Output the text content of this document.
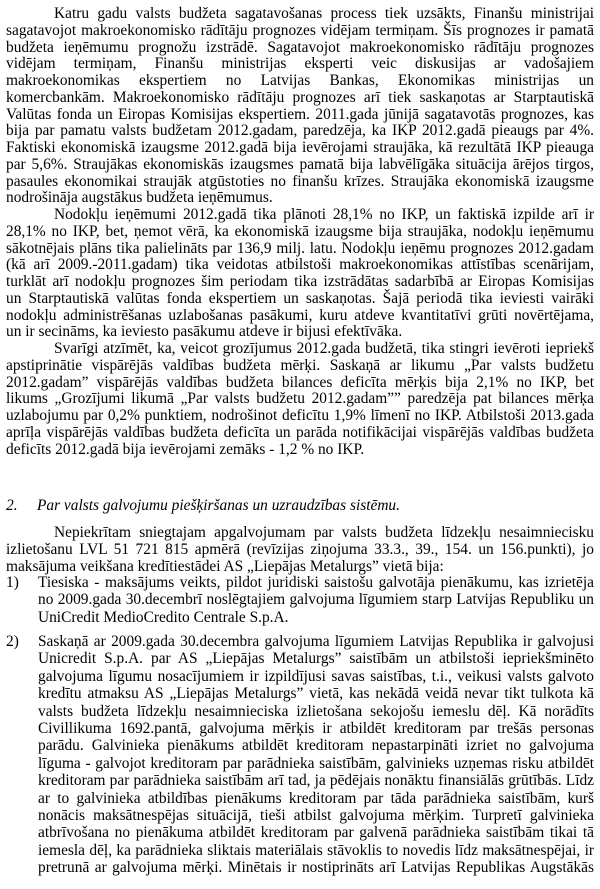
Katru gadu valsts budžeta sagatavošanas process tiek uzsākts, Finanšu ministrijai
sagatavojot makroekonomisko rādītāju prognozes vidējam termiņam. Šīs prognozes ir pamatā
budžeta ieņēmumu prognožu izstrādē. Sagatavojot makroekonomisko rādītāju prognozes
vidējam termiņam, Finanšu ministrijas eksperti veic diskusijas ar vadošajiem
makroekonomikas ekspertiem no Latvijas Bankas, Ekonomikas ministrijas un
komercbankām. Makroekonomisko rādītāju prognozes arī tiek saskaņotas ar Starptautiskā
Valūtas fonda un Eiropas Komisijas ekspertiem. 2011.gada jūnijā sagatavotās prognozes, kas
bija par pamatu valsts budžetam 2012.gadam, paredzēja, ka IKP 2012.gadā pieaugs par 4%.
Faktiski ekonomiskā izaugsme 2012.gadā bija ievērojami straujāka, kā rezultātā IKP pieauga
par 5,6%. Straujākas ekonomiskās izaugsmes pamatā bija labvēlīgāka situācija ārējos tirgos,
pasaules ekonomikai straujāk atgūstoties no finanšu krīzes. Straujāka ekonomiskā izaugsme
nodrošināja augstākus budžeta ieņēmumus.
Nodokļu ieņēmumi 2012.gadā tika plānoti 28,1% no IKP, un faktiskā izpilde arī ir
28,1% no IKP, bet, ņemot vērā, ka ekonomiskā izaugsme bija straujāka, nodokļu ieņēmumu
sākotnējais plāns tika palielināts par 136,9 milj. latu. Nodokļu ieņēmu prognozes 2012.gadam
(kā arī 2009.-2011.gadam) tika veidotas atbilstoši makroekonomikas attīstības scenārijam,
turklāt arī nodokļu prognozes šim periodam tika izstrādātas sadarbībā ar Eiropas Komisijas
un Starptautiskā valūtas fonda ekspertiem un saskaņotas. Šajā periodā tika ieviesti vairāki
nodokļu administrēšanas uzlabošanas pasākumi, kuru atdeve kvantitatīvi grūti novērtējama,
un ir secināms, ka ieviesto pasākumu atdeve ir bijusi efektīvāka.
Svarīgi atzīmēt, ka, veicot grozījumus 2012.gada budžetā, tika stingri ievēroti iepriekš
apstiprinātie vispārējās valdības budžeta mērķi. Saskaņā ar likumu „Par valsts budžetu
2012.gadam” vispārējās valdības budžeta bilances deficīta mērķis bija 2,1% no IKP, bet
likums „Grozījumi likumā „Par valsts budžetu 2012.gadam”” paredzēja pat bilances mērķa
uzlabojumu par 0,2% punktiem, nodrošinot deficītu 1,9% līmenī no IKP. Atbilstoši 2013.gada
aprīļa vispārējās valdības budžeta deficīta un parāda notifikācijai vispārējās valdības budžeta
deficīts 2012.gadā bija ievērojami zemāks - 1,2 % no IKP.
2. Par valsts galvojumu piešķiršanas un uzraudzības sistēmu.
Nepiekrītam sniegtajam apgalvojumam par valsts budžeta līdzekļu nesaimniecisku
izlietošanu LVL 51 721 815 apmērā (revīzijas ziņojuma 33.3., 39., 154. un 156.punkti), jo
maksājuma veikšana kredītiestādei AS „Liepājas Metalurgs” vietā bija:
1) Tiesiska - maksājums veikts, pildot juridiski saistošu galvotāja pienākumu, kas izrietēja
no 2009.gada 30.decembrī noslēgtajiem galvojuma līgumiem starp Latvijas Republiku un
UniCredit MedioCredito Centrale S.p.A.
2) Saskaņā ar 2009.gada 30.decembra galvojuma līgumiem Latvijas Republika ir galvojusi
Unicredit S.p.A. par AS „Liepājas Metalurgs” saistībām un atbilstoši iepriekšminēto
galvojuma līgumu nosacījumiem ir izpildījusi savas saistības, t.i., veikusi valsts galvoto
kredītu atmaksu AS „Liepājas Metalurgs” vietā, kas nekādā veidā nevar tikt tulkota kā
valsts budžeta līdzekļu nesaimnieciska izlietošana sekojošu iemeslu dēļ. Kā norādīts
Civillikuma 1692.pantā, galvojuma mērķis ir atbildēt kreditoram par trešās personas
parādu. Galvinieka pienākums atbildēt kreditoram nepastarpināti izriet no galvojuma
līguma - galvojot kreditoram par parādnieka saistībām, galvinieks uzņemas risku atbildēt
kreditoram par parādnieka saistībām arī tad, ja pēdējais nonāktu finansiālās grūtībās. Līdz
ar to galvinieka atbildības pienākums kreditoram par tāda parādnieka saistībām, kurš
nonācis maksātnespējas situācijā, tieši atbilst galvojuma mērķim. Turpretī galvinieka
atbrīvošana no pienākuma atbildēt kreditoram par galvenā parādnieka saistībām tikai tā
iemesla dēļ, ka parādnieka sliktais materiālais stāvoklis to novedis līdz maksātnespējai, ir
pretrunā ar galvojuma mērķi. Minētais ir nostiprināts arī Latvijas Republikas Augstākās
